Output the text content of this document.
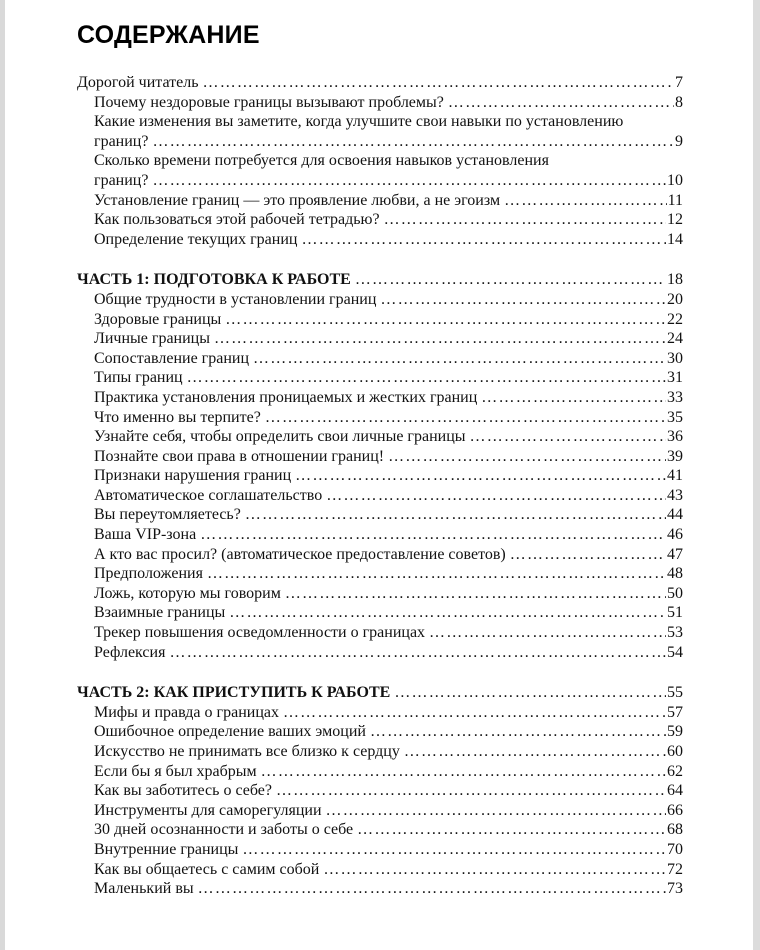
СОДЕРЖАНИЕ
Дорогой читатель ……………………………………………………………………………………………………………………………………	7
Почему нездоровые границы вызывают проблемы? ……………………………………………………………………………………………………………………………………	8
Какие изменения вы заметите, когда улучшите свои навыки по установлению
границ? ……………………………………………………………………………………………………………………………………	9
Сколько времени потребуется для освоения навыков установления
границ? ……………………………………………………………………………………………………………………………………	10
Установление границ — это проявление любви, а не эгоизм ……………………………………………………………………………………………………………………………………	11
Как пользоваться этой рабочей тетрадью? ……………………………………………………………………………………………………………………………………	12
Определение текущих границ ……………………………………………………………………………………………………………………………………	14
ЧАСТЬ 1: ПОДГОТОВКА К РАБОТЕ ……………………………………………………………………………………………………………………………………	18
Общие трудности в установлении границ ……………………………………………………………………………………………………………………………………	20
Здоровые границы ……………………………………………………………………………………………………………………………………	22
Личные границы ……………………………………………………………………………………………………………………………………	24
Сопоставление границ ……………………………………………………………………………………………………………………………………	30
Типы границ ……………………………………………………………………………………………………………………………………	31
Практика установления проницаемых и жестких границ ……………………………………………………………………………………………………………………………………	33
Что именно вы терпите? ……………………………………………………………………………………………………………………………………	35
Узнайте себя, чтобы определить свои личные границы ……………………………………………………………………………………………………………………………………	36
Познайте свои права в отношении границ! ……………………………………………………………………………………………………………………………………	39
Признаки нарушения границ ……………………………………………………………………………………………………………………………………	41
Автоматическое соглашательство ……………………………………………………………………………………………………………………………………	43
Вы переутомляетесь? ……………………………………………………………………………………………………………………………………	44
Ваша VIP-зона ……………………………………………………………………………………………………………………………………	46
А кто вас просил? (автоматическое предоставление советов) ……………………………………………………………………………………………………………………………………	47
Предположения ……………………………………………………………………………………………………………………………………	48
Ложь, которую мы говорим ……………………………………………………………………………………………………………………………………	50
Взаимные границы ……………………………………………………………………………………………………………………………………	51
Трекер повышения осведомленности о границах ……………………………………………………………………………………………………………………………………	53
Рефлексия ……………………………………………………………………………………………………………………………………	54
ЧАСТЬ 2: КАК ПРИСТУПИТЬ К РАБОТЕ ……………………………………………………………………………………………………………………………………	55
Мифы и правда о границах ……………………………………………………………………………………………………………………………………	57
Ошибочное определение ваших эмоций ……………………………………………………………………………………………………………………………………	59
Искусство не принимать все близко к сердцу ……………………………………………………………………………………………………………………………………	60
Если бы я был храбрым ……………………………………………………………………………………………………………………………………	62
Как вы заботитесь о себе? ……………………………………………………………………………………………………………………………………	64
Инструменты для саморегуляции ……………………………………………………………………………………………………………………………………	66
30 дней осознанности и заботы о себе ……………………………………………………………………………………………………………………………………	68
Внутренние границы ……………………………………………………………………………………………………………………………………	70
Как вы общаетесь с самим собой ……………………………………………………………………………………………………………………………………	72
Маленький вы ……………………………………………………………………………………………………………………………………	73
